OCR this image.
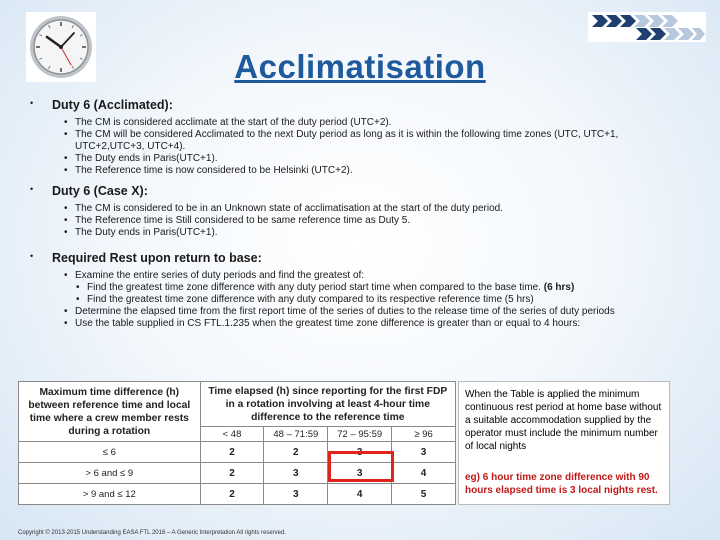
Acclimatisation
• Duty 6 (Acclimated):
• The CM is considered acclimate at the start of the duty period (UTC+2).
• The CM will be considered Acclimated to the next Duty period as long as it is within the following time zones (UTC, UTC+1, UTC+2,UTC+3, UTC+4).
• The Duty ends in Paris(UTC+1).
• The Reference time is now considered to be Helsinki (UTC+2).
• Duty 6 (Case X):
• The CM is considered to be in an Unknown state of acclimatisation at the start of the duty period.
• The Reference time is Still considered to be same reference time as Duty 5.
• The Duty ends in Paris(UTC+1).
• Required Rest upon return to base:
• Examine the entire series of duty periods and find the greatest of:
• Find the greatest time zone difference with any duty period start time when compared to the base time. (6 hrs)
• Find the greatest time zone difference with any duty compared to its respective reference time (5 hrs)
• Determine the elapsed time from the first report time of the series of duties to the release time of the series of duty periods
• Use the table supplied in CS FTL.1.235 when the greatest time zone difference is greater than or equal to 4 hours:
Maximum time difference (h) between reference time and local time where a crew member rests during a rotation	Time elapsed (h) since reporting for the first FDP in a rotation involving at least 4-hour time difference to the reference time			
	< 48	48 – 71:59	72 – 95:59	≥ 96
≤ 6	2	2	3	3
> 6 and ≤ 9	2	3	3	4
> 9 and ≤ 12	2	3	4	5
When the Table is applied the minimum continuous rest period at home base without a suitable accommodation supplied by the operator must include the minimum number of local nights
eg) 6 hour time zone difference with 90 hours elapsed time is 3 local nights rest.
Copyright © 2013-2015 Understanding EASA FTL 2016 – A Generic Interpretation All rights reserved.
